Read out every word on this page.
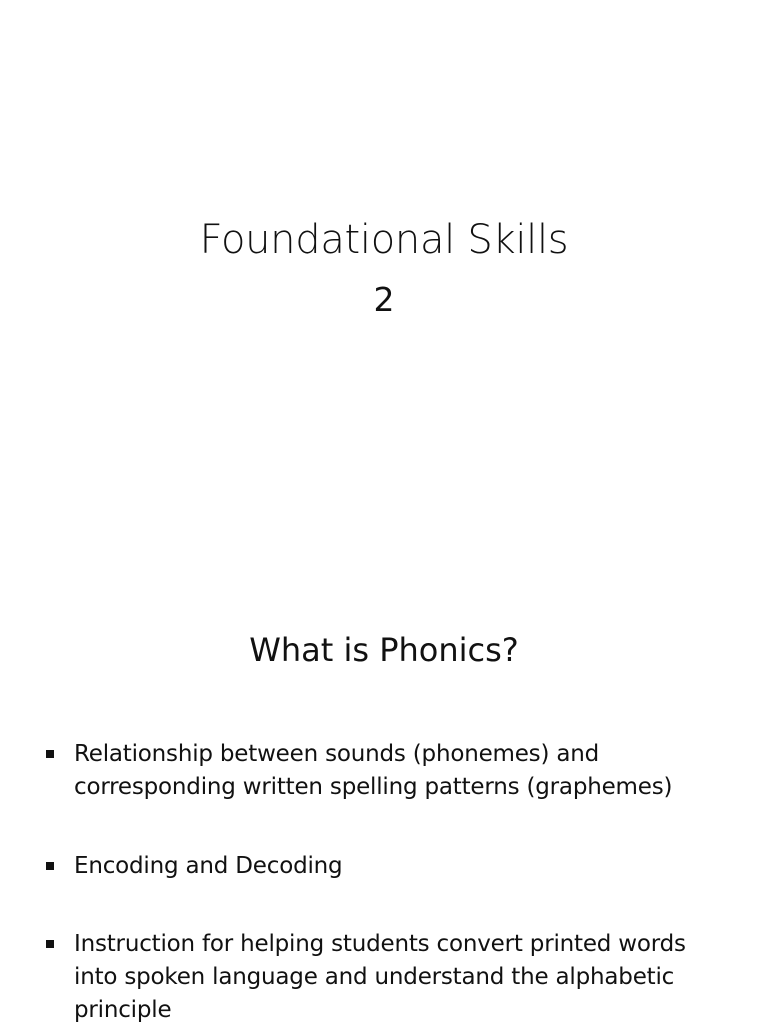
Foundational Skills
2
What is Phonics?
Relationship between sounds (phonemes) and corresponding written spelling patterns (graphemes)
Encoding and Decoding
Instruction for helping students convert printed words into spoken language and understand the alphabetic principle
